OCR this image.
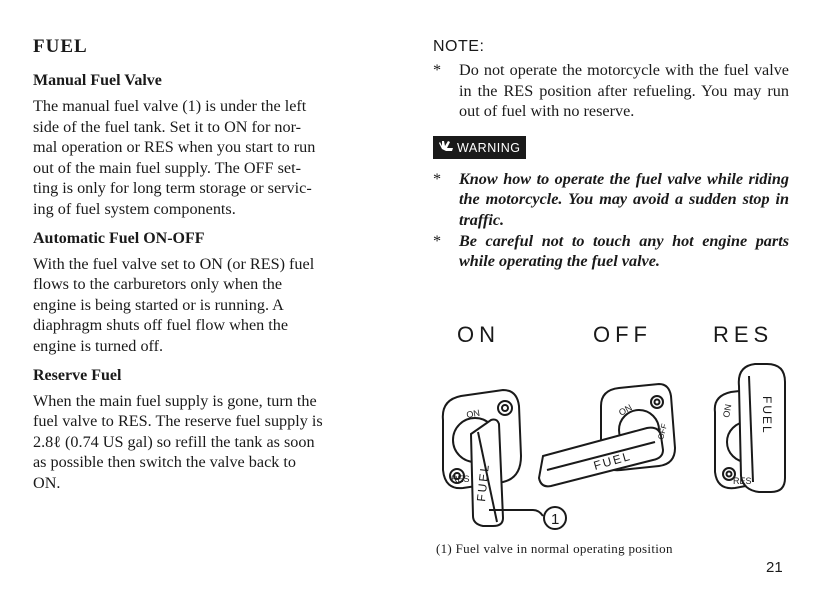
FUEL
Manual Fuel Valve

The manual fuel valve (1) is under the left
side of the fuel tank. Set it to ON for nor-
mal operation or RES when you start to run
out of the main fuel supply. The OFF set-
ting is only for long term storage or servic-
ing of fuel system components.

Automatic Fuel ON-OFF

With the fuel valve set to ON (or RES) fuel
flows to the carburetors only when the
engine is being started or is running. A
diaphragm shuts off fuel flow when the
engine is turned off.

Reserve Fuel

When the main fuel supply is gone, turn the
fuel valve to RES. The reserve fuel supply is
2.8ℓ (0.74 US gal) so refill the tank as soon
as possible then switch the valve back to
ON.

NOTE:
*	Do not operate the motorcycle with the fuel valve in the RES position after refueling. You may run out of fuel with no reserve.
WARNING
*	Know how to operate the fuel valve while riding the motorcycle. You may avoid a sudden stop in traffic.
*	Be careful not to touch any hot engine parts while operating the fuel valve.
ON	OFF	RES
ON
RES FUEL
ON
OFF
FUEL
ON
RES
FUEL
1
(1) Fuel valve in normal operating position
21
